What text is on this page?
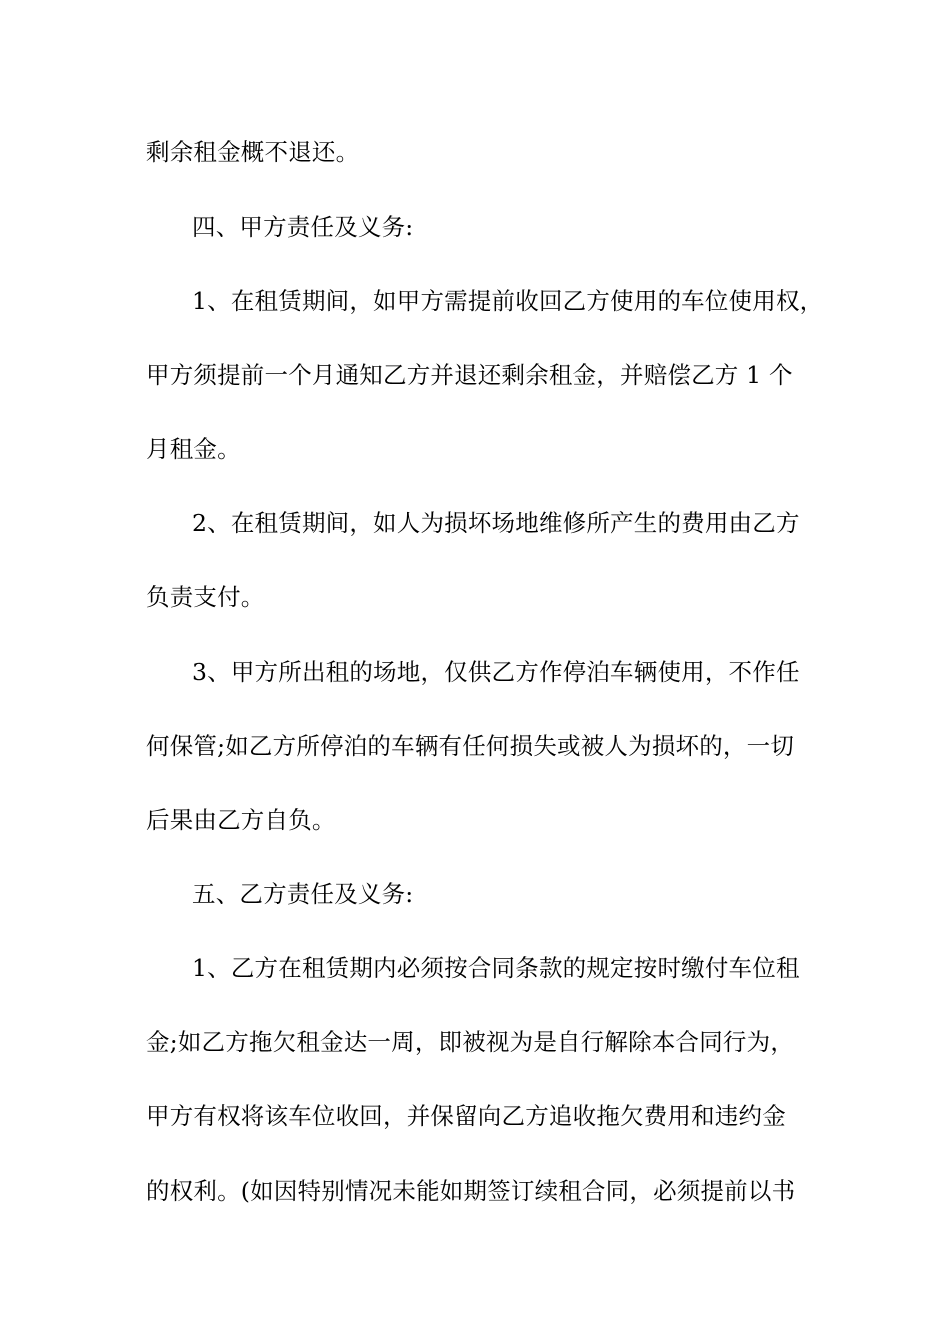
剩余租金概不退还。
四、甲方责任及义务:
1、在租赁期间，如甲方需提前收回乙方使用的车位使用权，
甲方须提前一个月通知乙方并退还剩余租金，并赔偿乙方 1 个
月租金。
2、在租赁期间，如人为损坏场地维修所产生的费用由乙方
负责支付。
3、甲方所出租的场地，仅供乙方作停泊车辆使用，不作任
何保管;如乙方所停泊的车辆有任何损失或被人为损坏的，一切
后果由乙方自负。
五、乙方责任及义务:
1、乙方在租赁期内必须按合同条款的规定按时缴付车位租
金;如乙方拖欠租金达一周，即被视为是自行解除本合同行为，
甲方有权将该车位收回，并保留向乙方追收拖欠费用和违约金
的权利。(如因特别情况未能如期签订续租合同，必须提前以书
